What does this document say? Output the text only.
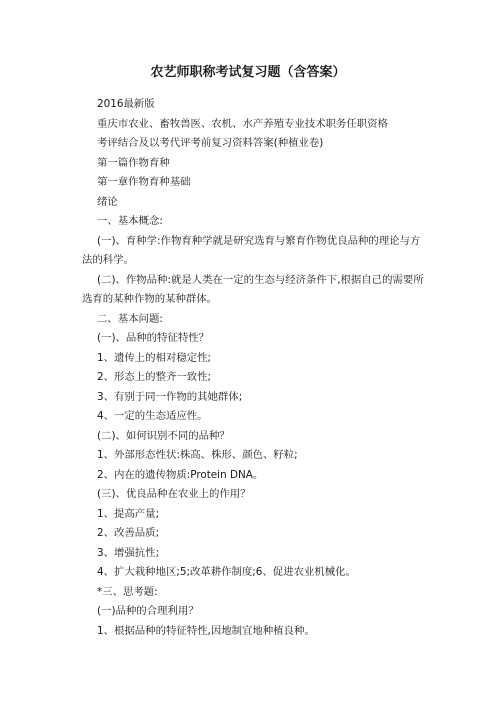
农艺师职称考试复习题（含答案）
2016最新版
重庆市农业、畜牧兽医、农机、水产养殖专业技术职务任职资格
考评结合及以考代评考前复习资料答案(种植业卷)
第一篇作物育种
第一章作物育种基础
绪论
一、基本概念:
(一)、育种学:作物育种学就是研究选育与繁育作物优良品种的理论与方法的科学。
(二)、作物品种:就是人类在一定的生态与经济条件下,根据自己的需要所选育的某种作物的某种群体。
二、基本问题:
(一)、品种的特征特性？
1、遗传上的相对稳定性;
2、形态上的整齐一致性;
3、有别于同一作物的其她群体;
4、一定的生态适应性。
(二)、如何识别不同的品种？
1、外部形态性状:株高、株形、颜色、籽粒;
2、内在的遗传物质:Protein DNA。
(三)、优良品种在农业上的作用？
1、提高产量;
2、改善品质;
3、增强抗性;
4、扩大栽种地区;5;改革耕作制度;6、促进农业机械化。
*三、思考题:
(一)品种的合理利用？
1、根据品种的特征特性,因地制宜地种植良种。
